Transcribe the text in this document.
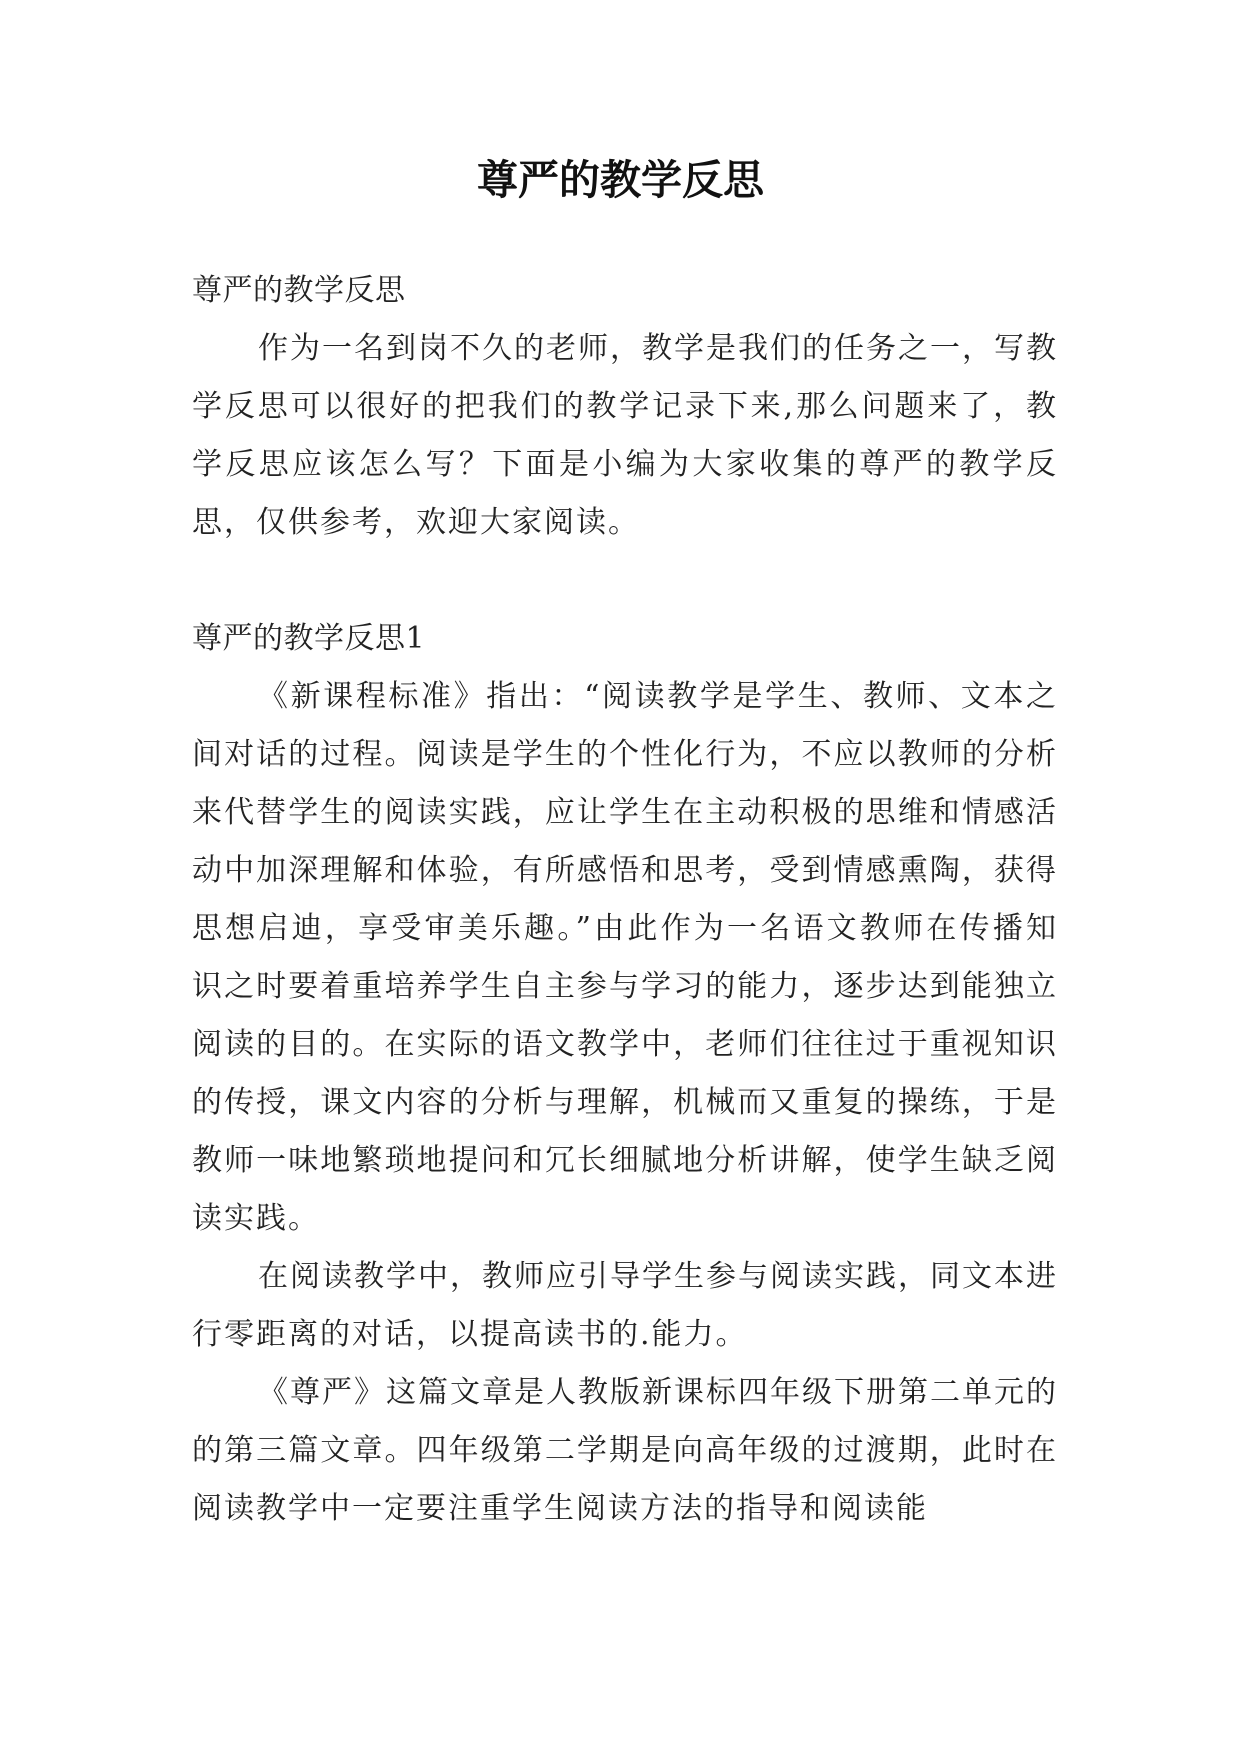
尊严的教学反思

尊严的教学反思

作为一名到岗不久的老师，教学是我们的任务之一，写教学反思可以很好的把我们的教学记录下来,那么问题来了，教学反思应该怎么写？下面是小编为大家收集的尊严的教学反思，仅供参考，欢迎大家阅读。

尊严的教学反思1

《新课程标准》指出：“阅读教学是学生、教师、文本之间对话的过程。阅读是学生的个性化行为，不应以教师的分析来代替学生的阅读实践，应让学生在主动积极的思维和情感活动中加深理解和体验，有所感悟和思考，受到情感熏陶，获得思想启迪，享受审美乐趣。”由此作为一名语文教师在传播知识之时要着重培养学生自主参与学习的能力，逐步达到能独立阅读的目的。在实际的语文教学中，老师们往往过于重视知识的传授，课文内容的分析与理解，机械而又重复的操练，于是教师一味地繁琐地提问和冗长细腻地分析讲解，使学生缺乏阅读实践。

在阅读教学中，教师应引导学生参与阅读实践，同文本进行零距离的对话，以提高读书的.能力。

《尊严》这篇文章是人教版新课标四年级下册第二单元的的第三篇文章。四年级第二学期是向高年级的过渡期，此时在阅读教学中一定要注重学生阅读方法的指导和阅读能
